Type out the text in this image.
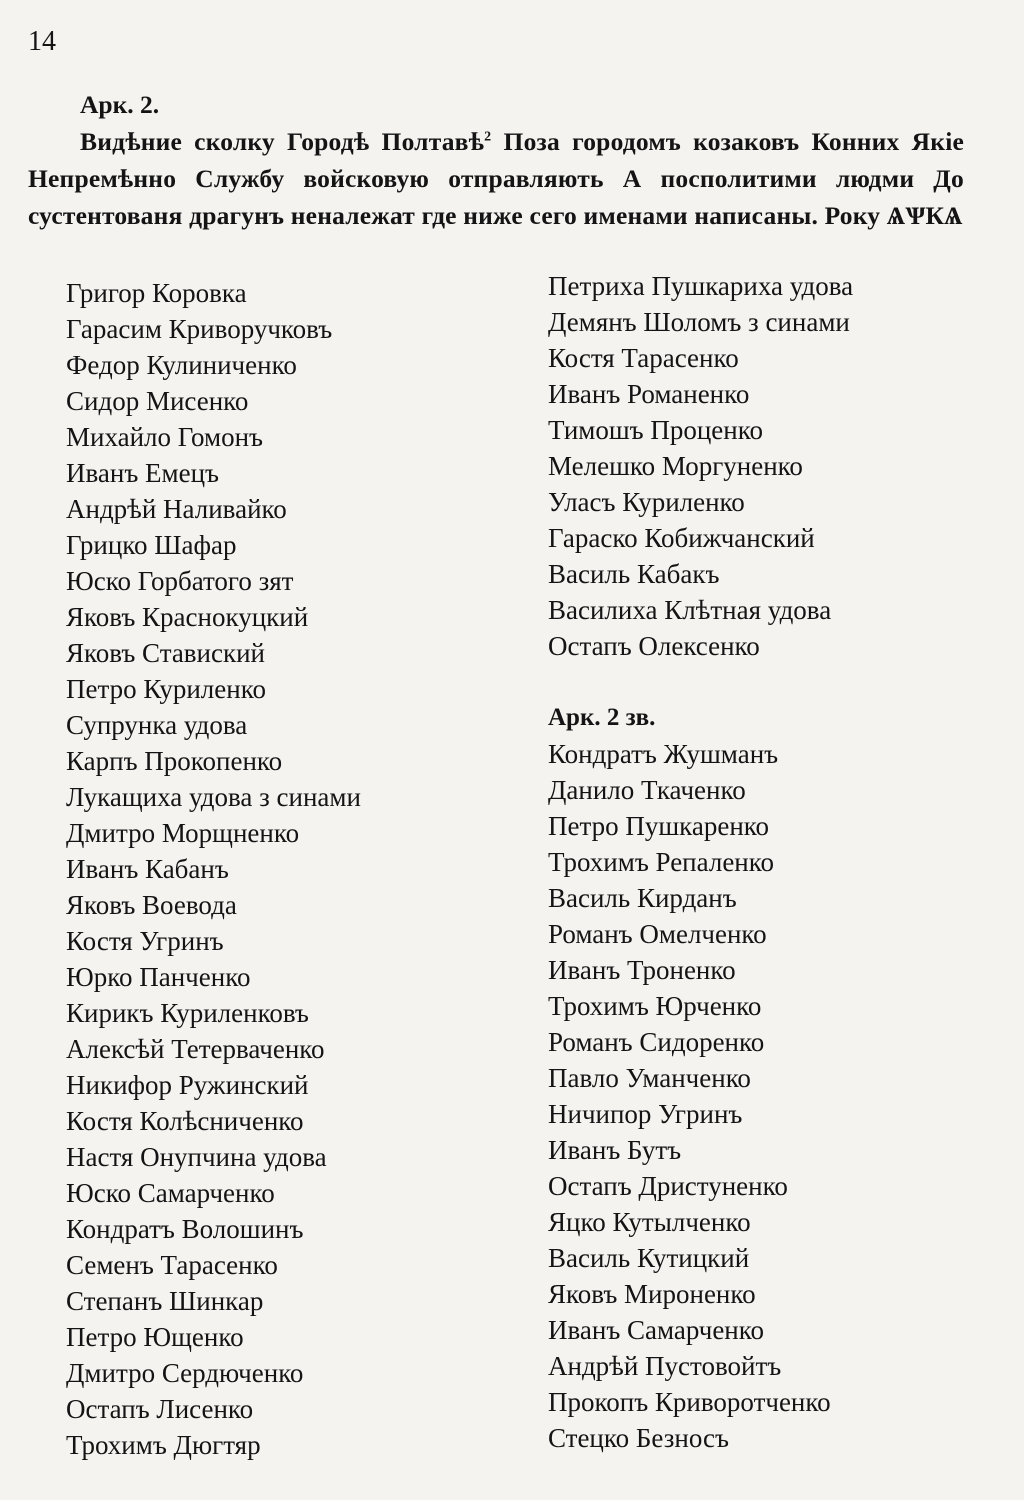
14
Арк. 2.
Видѣние сколку Городѣ Полтавѣ$^2$ Поза городомъ козаковъ Конних Якіе Непремѣнно Службу войсковую отправляють А посполитими людми До сустентованя драгунъ неналежат где ниже сего именами написаны. Року ѦѰКѦ
Григор Коровка
Гарасим Криворучковъ
Федор Кулиниченко
Сидор Мисенко
Михайло Гомонъ
Иванъ Емецъ
Андрѣй Наливайко
Грицко Шафар
Юско Горбатого зят
Яковъ Краснокуцкий
Яковъ Ставиский
Петро Куриленко
Супрунка удова
Карпъ Прокопенко
Лукащиха удова з синами
Дмитро Морщненко
Иванъ Кабанъ
Яковъ Воевода
Костя Угринъ
Юрко Панченко
Кирикъ Куриленковъ
Алексѣй Тетерваченко
Никифор Ружинский
Костя Колѣсниченко
Настя Онупчина удова
Юско Самарченко
Кондратъ Волошинъ
Семенъ Тарасенко
Степанъ Шинкар
Петро Ющенко
Дмитро Сердюченко
Остапъ Лисенко
Трохимъ Дюгтяр
Петриха Пушкариха удова
Демянъ Шоломъ з синами
Костя Тарасенко
Иванъ Романенко
Тимошъ Проценко
Мелешко Моргуненко
Уласъ Куриленко
Гараско Кобижчанский
Василь Кабакъ
Василиха Клѣтная удова
Остапъ Олексенко
Арк. 2 зв.
Кондратъ Жушманъ
Данило Ткаченко
Петро Пушкаренко
Трохимъ Репаленко
Василь Кирданъ
Романъ Омелченко
Иванъ Троненко
Трохимъ Юрченко
Романъ Сидоренко
Павло Уманченко
Ничипор Угринъ
Иванъ Бутъ
Остапъ Дристуненко
Яцко Кутылченко
Василь Кутицкий
Яковъ Мироненко
Иванъ Самарченко
Андрѣй Пустовойтъ
Прокопъ Криворотченко
Стецко Безносъ
